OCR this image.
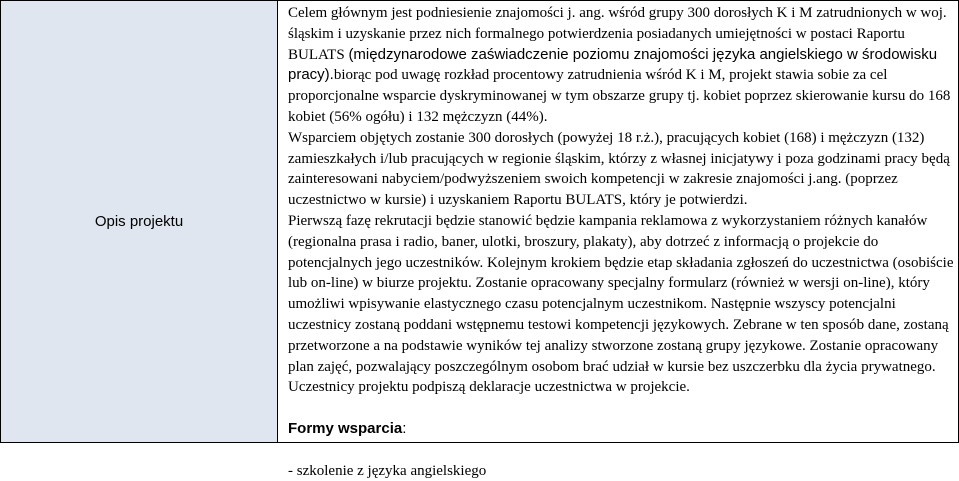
Opis projektu

Celem głównym jest podniesienie znajomości j. ang. wśród grupy 300 dorosłych K i M zatrudnionych w woj. śląskim i uzyskanie przez nich formalnego potwierdzenia posiadanych umiejętności w postaci Raportu BULATS (międzynarodowe zaświadczenie poziomu znajomości języka angielskiego w środowisku pracy).biorąc pod uwagę rozkład procentowy zatrudnienia wśród K i M, projekt stawia sobie za cel proporcjonalne wsparcie dyskryminowanej w tym obszarze grupy tj. kobiet poprzez skierowanie kursu do 168 kobiet (56% ogółu) i 132 mężczyzn (44%).

Wsparciem objętych zostanie 300 dorosłych (powyżej 18 r.ż.), pracujących kobiet (168) i mężczyzn (132) zamieszkałych i/lub pracujących w regionie śląskim, którzy z własnej inicjatywy i poza godzinami pracy będą zainteresowani nabyciem/podwyższeniem swoich kompetencji w zakresie znajomości j.ang. (poprzez uczestnictwo w kursie) i uzyskaniem Raportu BULATS, który je potwierdzi.

Pierwszą fazę rekrutacji będzie stanowić będzie kampania reklamowa z wykorzystaniem różnych kanałów (regionalna prasa i radio, baner, ulotki, broszury, plakaty), aby dotrzeć z informacją o projekcie do potencjalnych jego uczestników. Kolejnym krokiem będzie etap składania zgłoszeń do uczestnictwa (osobiście lub on-line) w biurze projektu. Zostanie opracowany specjalny formularz (również w wersji on-line), który umożliwi wpisywanie elastycznego czasu potencjalnym uczestnikom. Następnie wszyscy potencjalni uczestnicy zostaną poddani wstępnemu testowi kompetencji językowych. Zebrane w ten sposób dane, zostaną przetworzone a na podstawie wyników tej analizy stworzone zostaną grupy językowe. Zostanie opracowany plan zajęć, pozwalający poszczególnym osobom brać udział w kursie bez uszczerbku dla życia prywatnego. Uczestnicy projektu podpiszą deklaracje uczestnictwa w projekcie.

Formy wsparcia:

- szkolenie z języka angielskiego
